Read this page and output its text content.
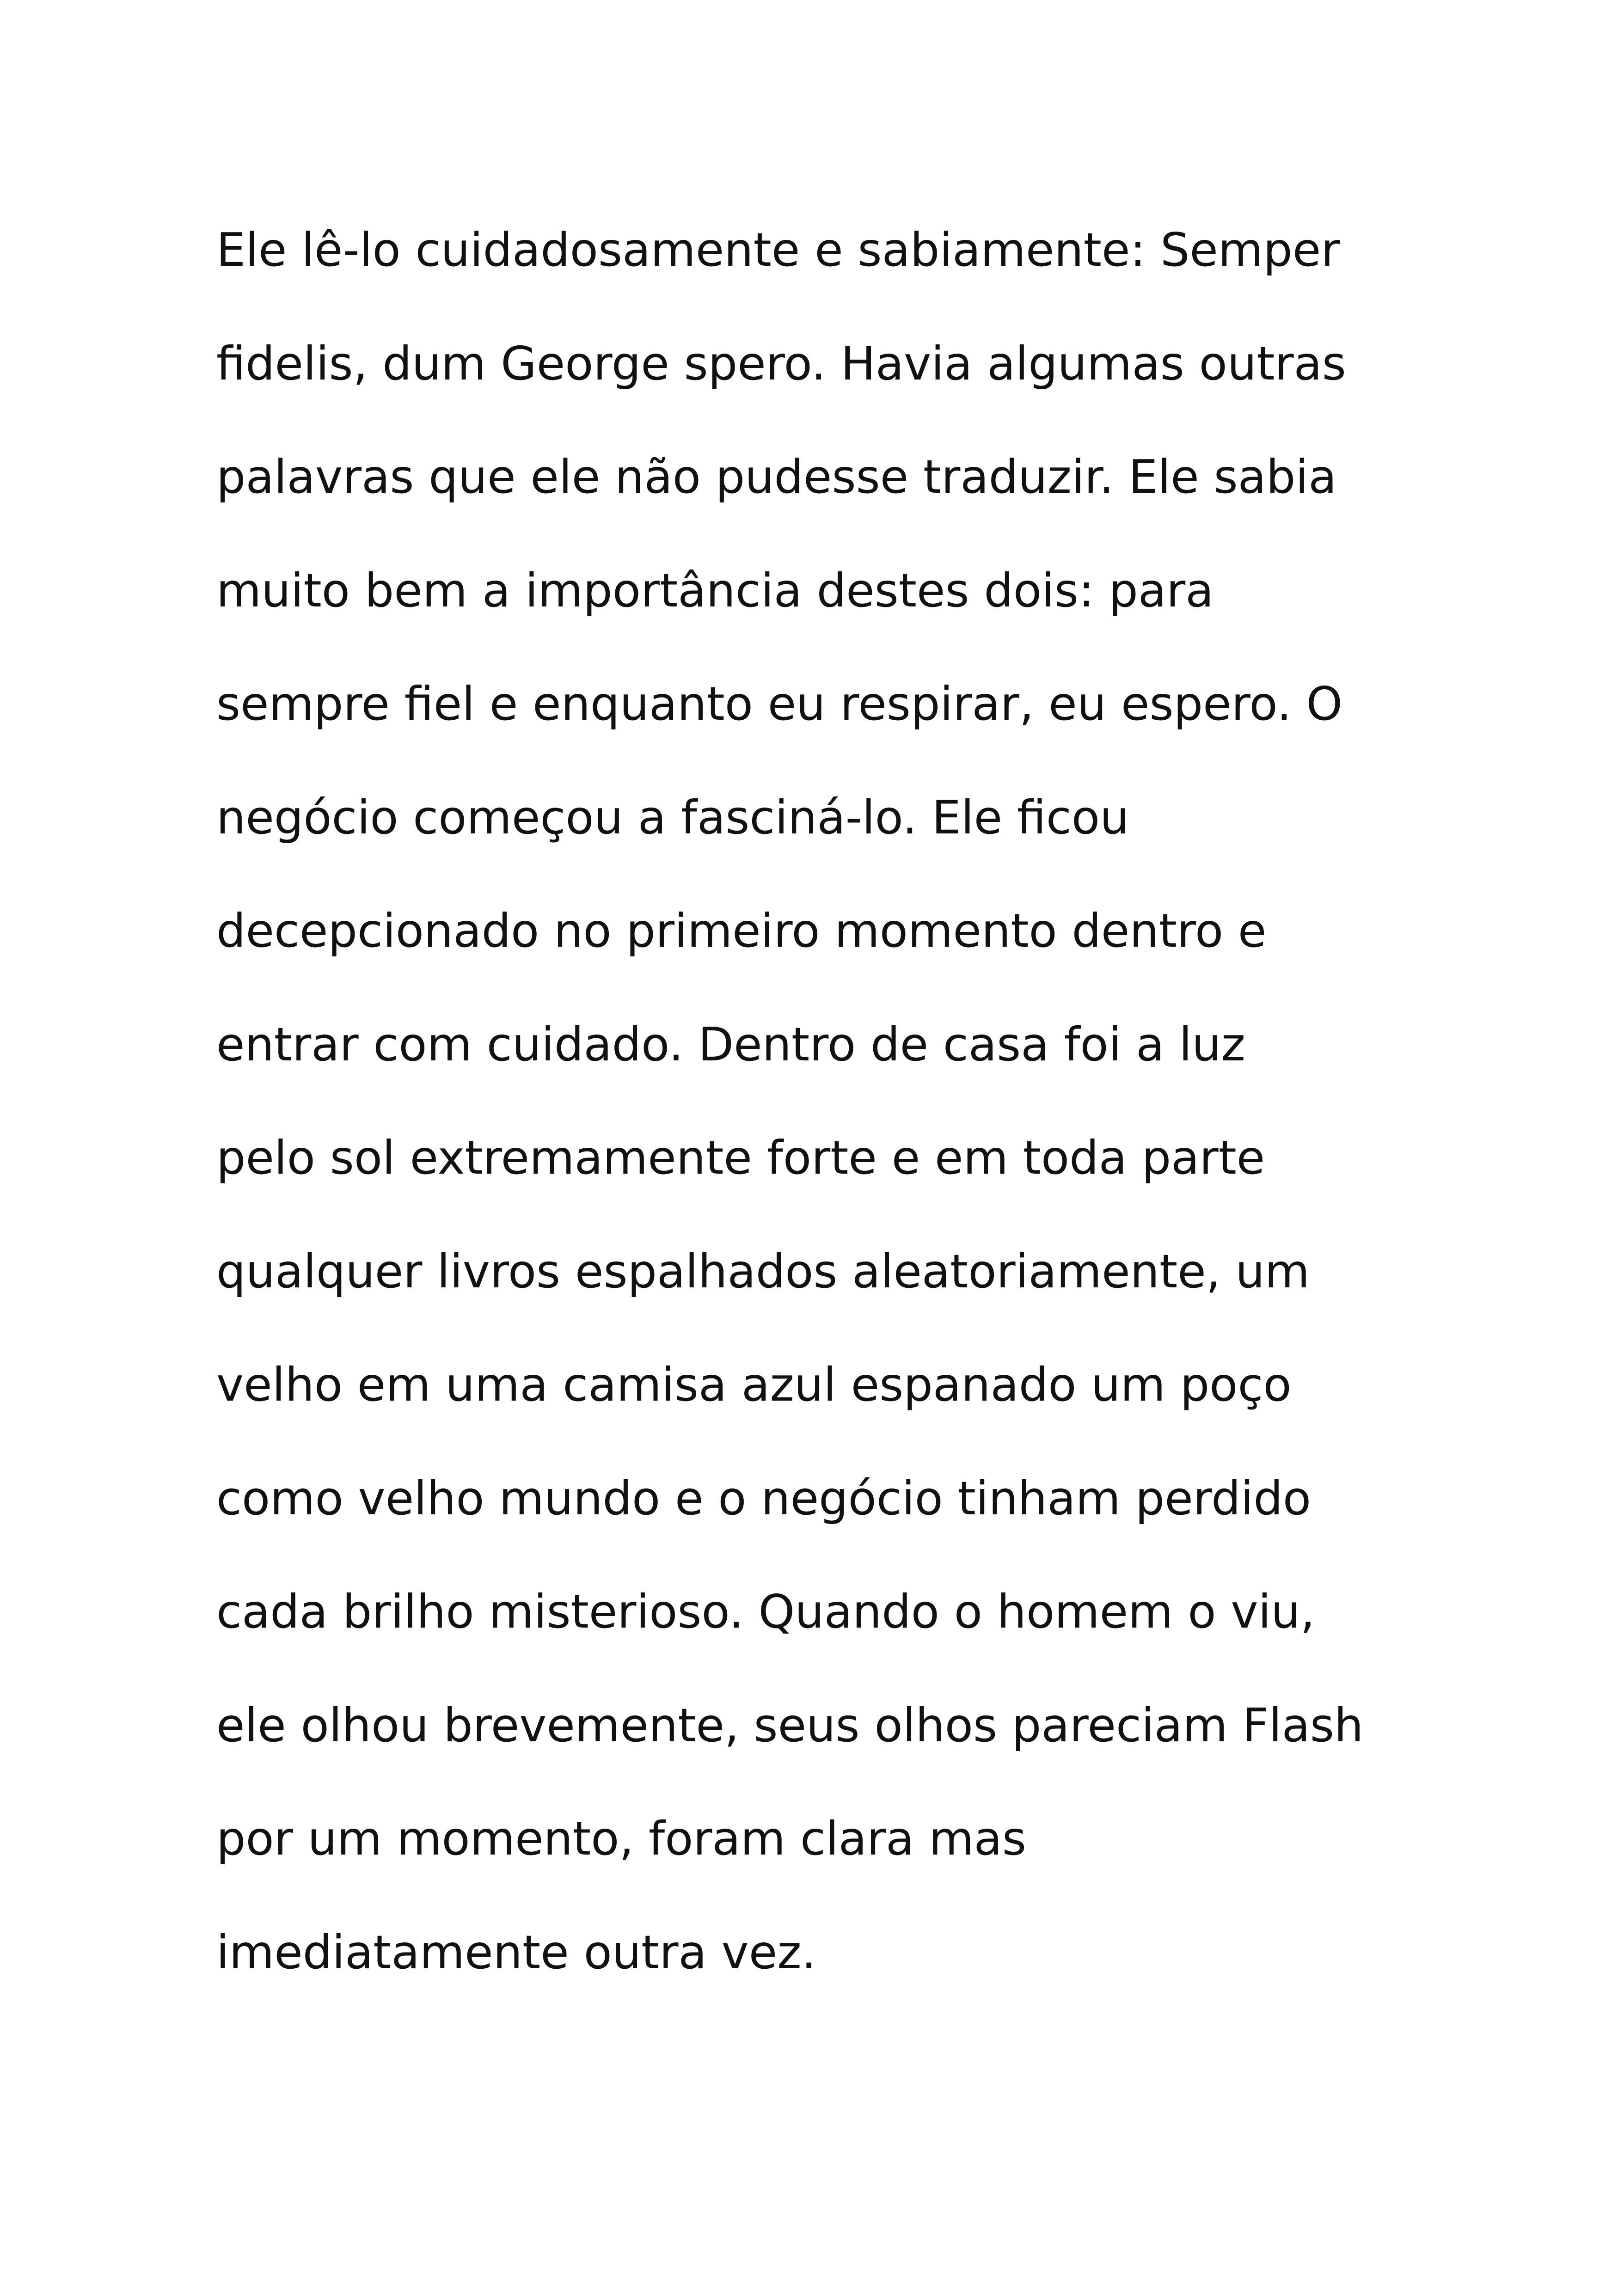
Ele lê-lo cuidadosamente e sabiamente: Semper
fidelis, dum George spero. Havia algumas outras
palavras que ele não pudesse traduzir. Ele sabia
muito bem a importância destes dois: para
sempre fiel e enquanto eu respirar, eu espero. O
negócio começou a fasciná-lo. Ele ficou
decepcionado no primeiro momento dentro e
entrar com cuidado. Dentro de casa foi a luz
pelo sol extremamente forte e em toda parte
qualquer livros espalhados aleatoriamente, um
velho em uma camisa azul espanado um poço
como velho mundo e o negócio tinham perdido
cada brilho misterioso. Quando o homem o viu,
ele olhou brevemente, seus olhos pareciam Flash
por um momento, foram clara mas
imediatamente outra vez.
